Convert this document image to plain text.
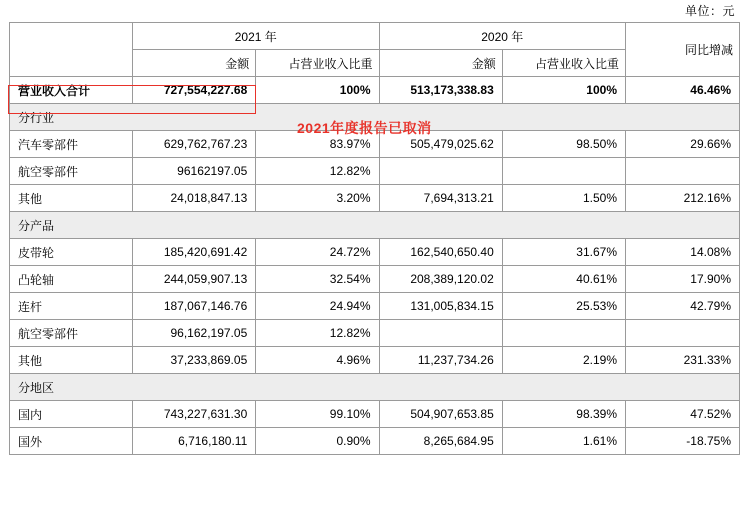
单位：元
	2021 年		2020 年		同比增减
	金额	占营业收入比重	金额	占营业收入比重	
营业收入合计	727,554,227.68	100%	513,173,338.83	100%	46.46%
分行业					
汽车零部件	629,762,767.23	83.97%	505,479,025.62	98.50%	29.66%
航空零部件	96162197.05	12.82%			
其他	24,018,847.13	3.20%	7,694,313.21	1.50%	212.16%
分产品					
皮带轮	185,420,691.42	24.72%	162,540,650.40	31.67%	14.08%
凸轮轴	244,059,907.13	32.54%	208,389,120.02	40.61%	17.90%
连杆	187,067,146.76	24.94%	131,005,834.15	25.53%	42.79%
航空零部件	96,162,197.05	12.82%			
其他	37,233,869.05	4.96%	11,237,734.26	2.19%	231.33%
分地区					
国内	743,227,631.30	99.10%	504,907,653.85	98.39%	47.52%
国外	6,716,180.11	0.90%	8,265,684.95	1.61%	-18.75%
2021年度报告已取消
